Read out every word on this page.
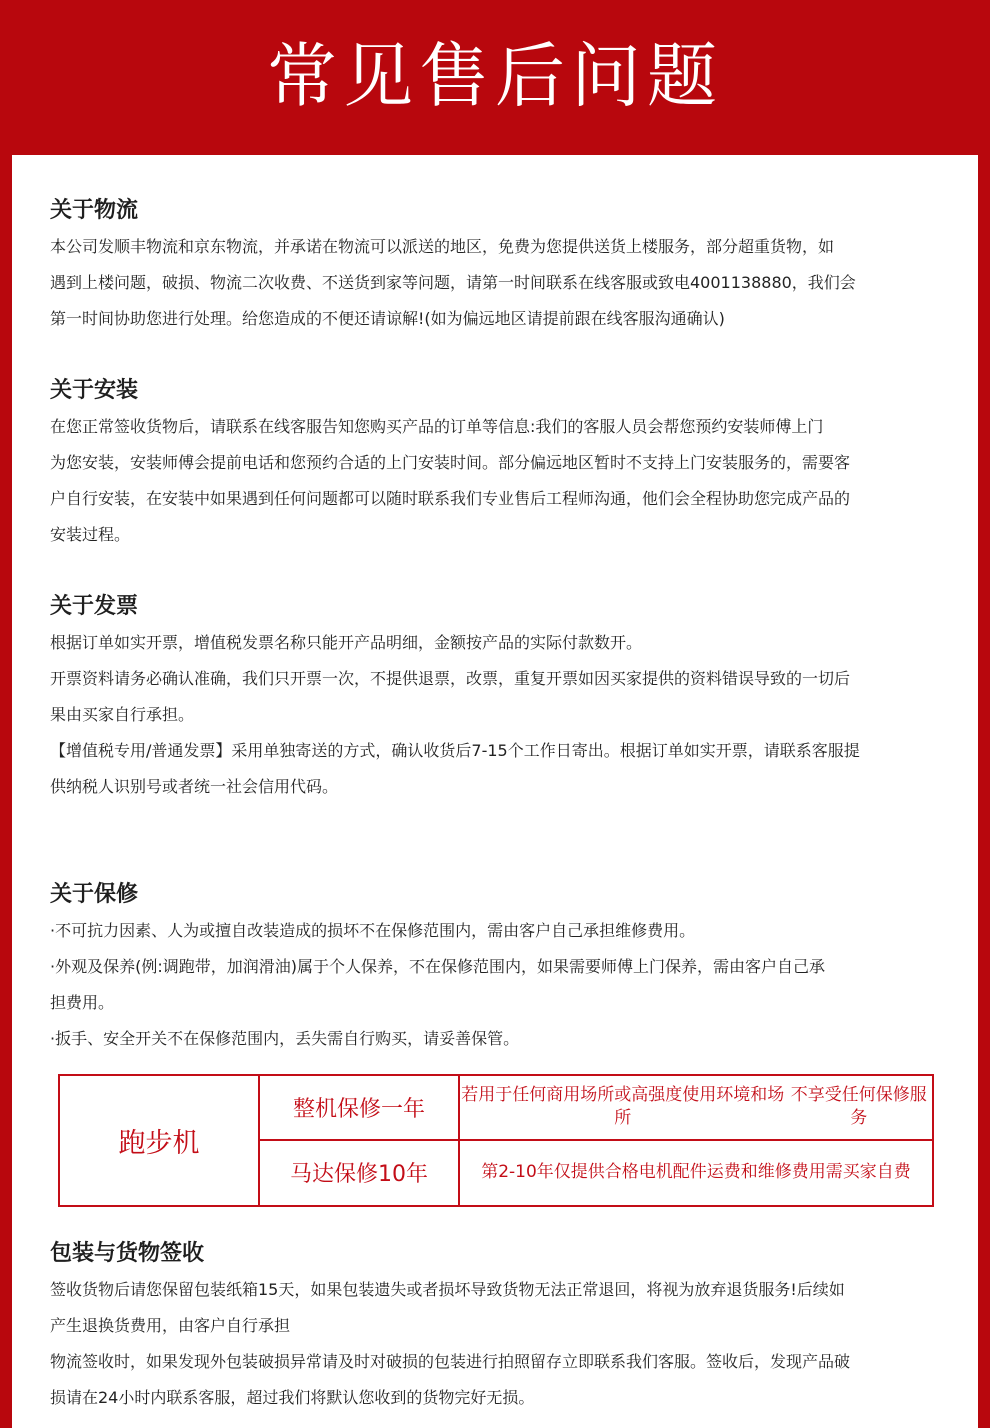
常见售后问题
关于物流

本公司发顺丰物流和京东物流，并承诺在物流可以派送的地区，免费为您提供送货上楼服务，部分超重货物，如

遇到上楼问题，破损、物流二次收费、不送货到家等问题，请第一时间联系在线客服或致电4001138880，我们会

第一时间协助您进行处理。给您造成的不便还请谅解!(如为偏远地区请提前跟在线客服沟通确认)

关于安装

在您正常签收货物后，请联系在线客服告知您购买产品的订单等信息:我们的客服人员会帮您预约安装师傅上门

为您安装，安装师傅会提前电话和您预约合适的上门安装时间。部分偏远地区暂时不支持上门安装服务的，需要客

户自行安装，在安装中如果遇到任何问题都可以随时联系我们专业售后工程师沟通，他们会全程协助您完成产品的

安装过程。

关于发票

根据订单如实开票，增值税发票名称只能开产品明细，金额按产品的实际付款数开。

开票资料请务必确认准确，我们只开票一次，不提供退票，改票，重复开票如因买家提供的资料错误导致的一切后

果由买家自行承担。

【增值税专用/普通发票】采用单独寄送的方式，确认收货后7-15个工作日寄出。根据订单如实开票，请联系客服提

供纳税人识别号或者统一社会信用代码。

关于保修

·不可抗力因素、人为或擅自改装造成的损坏不在保修范围内，需由客户自己承担维修费用。

·外观及保养(例:调跑带，加润滑油)属于个人保养，不在保修范围内，如果需要师傅上门保养，需由客户自己承

担费用。

·扳手、安全开关不在保修范围内，丢失需自行购买，请妥善保管。

跑步机
整机保修一年
若用于任何商用场所或高强度使用环境和场所
不享受任何保修服务
马达保修10年	第2-10年仅提供合格电机配件 运费和维修费用需买家自费
包装与货物签收

签收货物后请您保留包装纸箱15天，如果包装遗失或者损坏导致货物无法正常退回，将视为放弃退货服务!后续如

产生退换货费用，由客户自行承担

物流签收时，如果发现外包装破损异常请及时对破损的包装进行拍照留存立即联系我们客服。签收后，发现产品破

损请在24小时内联系客服，超过我们将默认您收到的货物完好无损。
